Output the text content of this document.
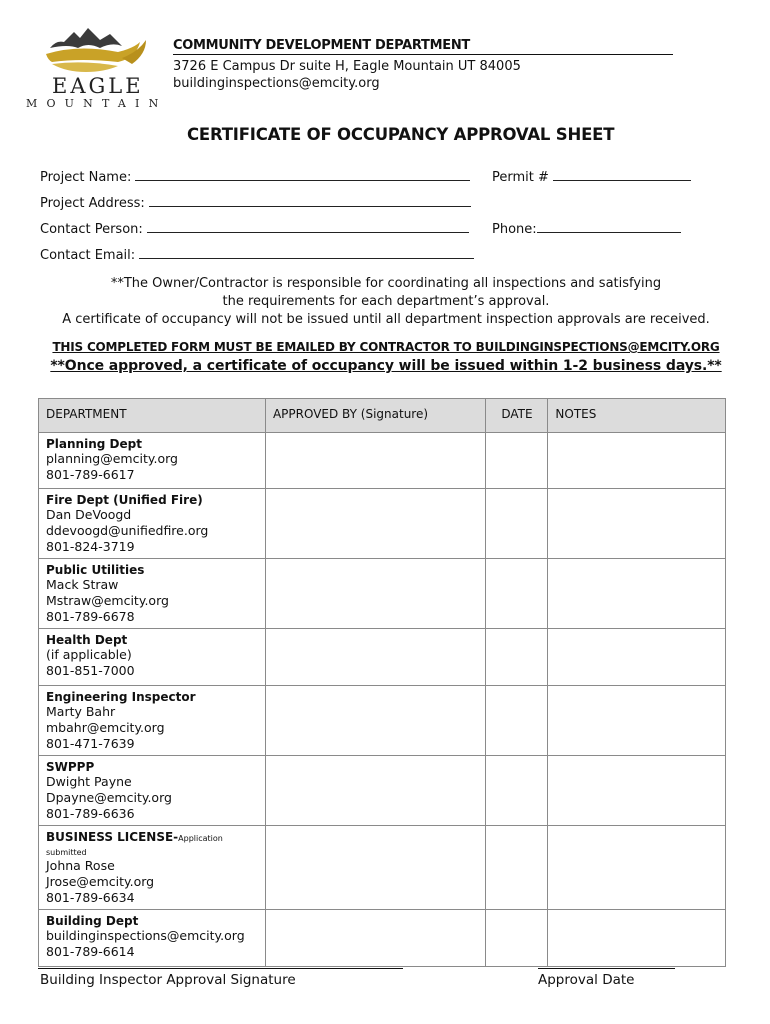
EAGLE
MOUNTAIN
COMMUNITY DEVELOPMENT DEPARTMENT
3726 E Campus Dr suite H, Eagle Mountain UT 84005
buildinginspections@emcity.org
CERTIFICATE OF OCCUPANCY APPROVAL SHEET
Project Name:	Permit #
Project Address:
Contact Person:	Phone:
Contact Email:
**The Owner/Contractor is responsible for coordinating all inspections and satisfying
the requirements for each department’s approval.
A certificate of occupancy will not be issued until all department inspection approvals are received.
THIS COMPLETED FORM MUST BE EMAILED BY CONTRACTOR TO BUILDINGINSPECTIONS@EMCITY.ORG
**Once approved, a certificate of occupancy will be issued within 1-2 business days.**
DEPARTMENT	APPROVED BY (Signature)	DATE	NOTES

Planning Dept
planning@emcity.org
801-789-6617			

Fire Dept (Unified Fire)
Dan DeVoogd
ddevoogd@unifiedfire.org
801-824-3719			

Public Utilities
Mack Straw
Mstraw@emcity.org
801-789-6678			

Health Dept
(if applicable)
801-851-7000			

Engineering Inspector
Marty Bahr
mbahr@emcity.org
801-471-7639			

SWPPP
Dwight Payne
Dpayne@emcity.org
801-789-6636			

BUSINESS LICENSE-Application submitted
Johna Rose
Jrose@emcity.org
801-789-6634			

Building Dept
buildinginspections@emcity.org
801-789-6614			

Building Inspector Approval Signature	Approval Date
